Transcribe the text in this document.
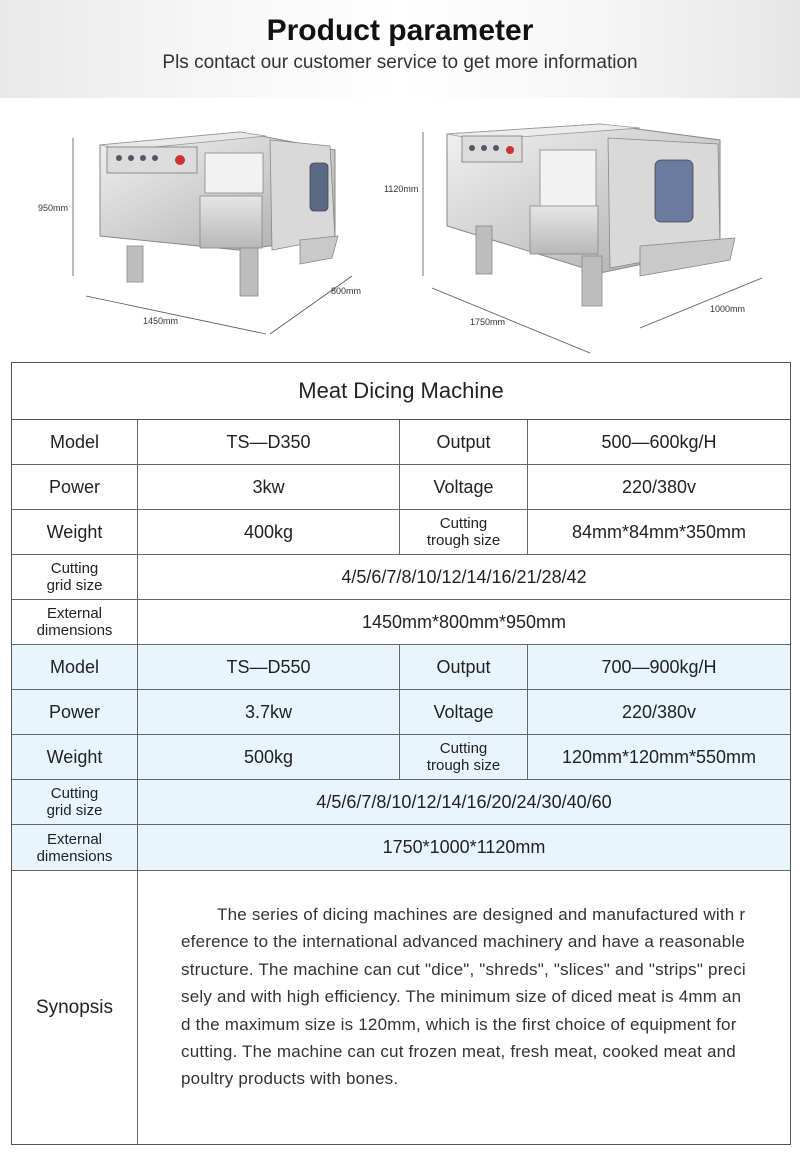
Product parameter
Pls contact our customer service to get more information
950mm
1450mm
800mm
1120mm
1750mm
1000mm
Meat Dicing Machine
Model	TS—D350	Output	500—600kg/H
Power	3kw	Voltage	220/380v
Weight	400kg	Cutting trough size	84mm*84mm*350mm
Cutting grid size	4/5/6/7/8/10/12/14/16/21/28/42
External dimensions	1450mm*800mm*950mm
Model	TS—D550	Output	700—900kg/H
Power	3.7kw	Voltage	220/380v
Weight	500kg	Cutting trough size	120mm*120mm*550mm
Cutting grid size	4/5/6/7/8/10/12/14/16/20/24/30/40/60
External dimensions	1750*1000*1120mm
Synopsis
The series of dicing machines are designed and manufactured with reference to the international advanced machinery and have a reasonable structure. The machine can cut "dice", "shreds", "slices" and "strips" precisely and with high efficiency. The minimum size of diced meat is 4mm and the maximum size is 120mm, which is the first choice of equipment for cutting. The machine can cut frozen meat, fresh meat, cooked meat and poultry products with bones.
